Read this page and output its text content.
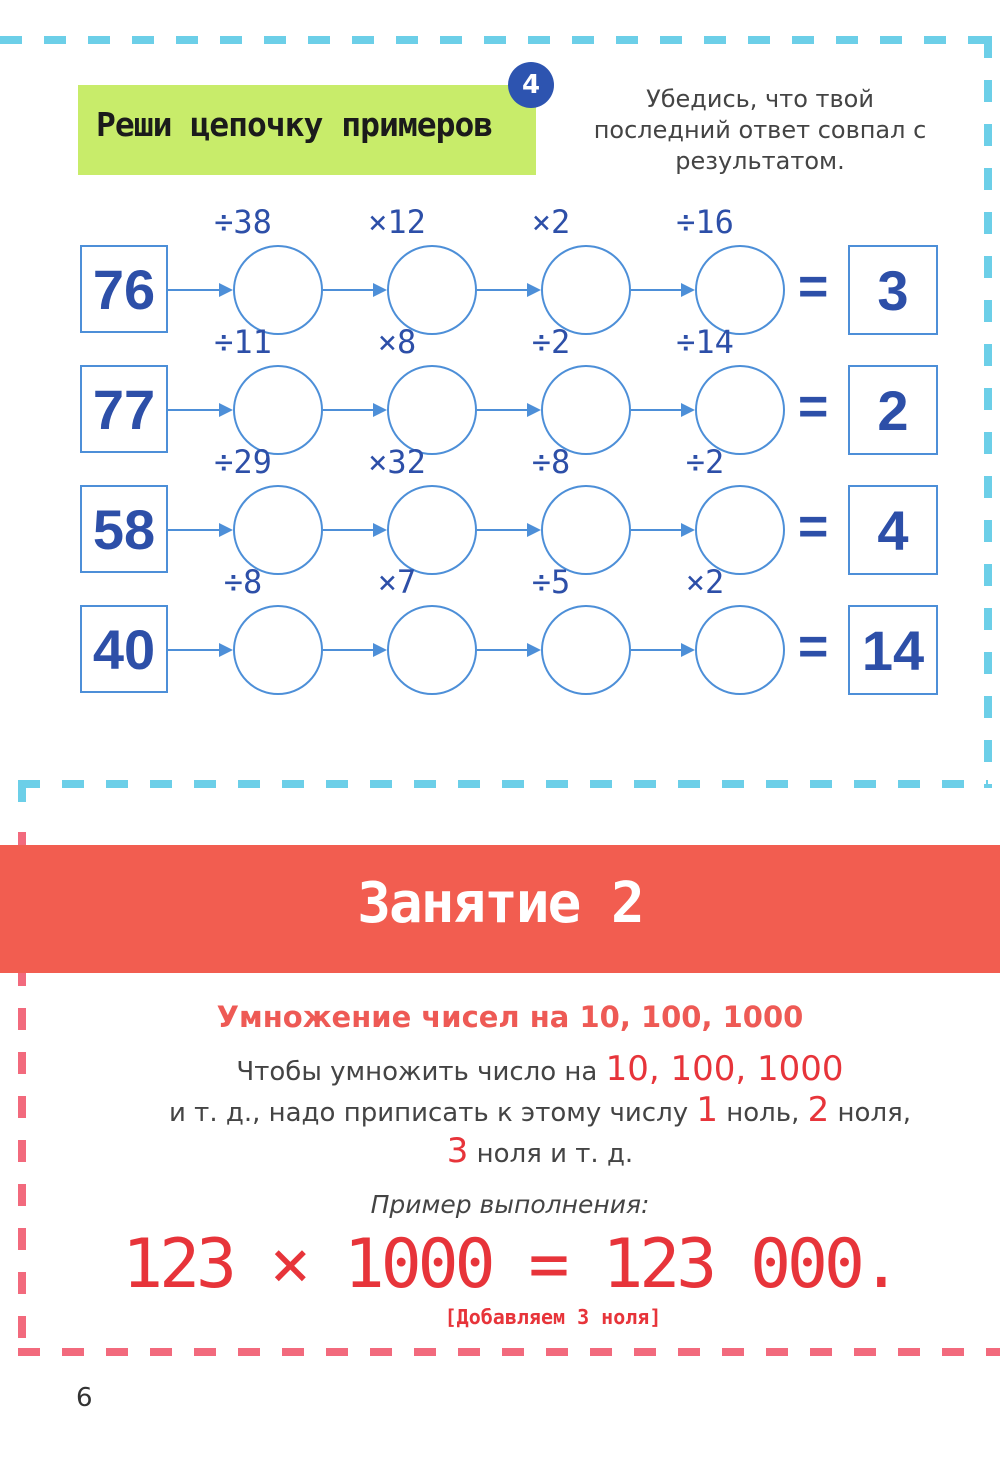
Реши цепочку примеров
4	Убедись, что твой последний ответ совпал с результатом.
76
÷38	×12	×2	÷16
= 3
77
÷11	×8	÷2	÷14
= 2
58
÷29	×32	÷8	÷2
= 4
40
÷8	×7	÷5	×2
= 14
Занятие 2
Умножение чисел на 10, 100, 1000
Чтобы умножить число на 10, 100, 1000
и т. д., надо приписать к этому числу 1 ноль, 2 ноля,
3 ноля и т. д.
Пример выполнения:
123 × 1000 = 123 000.
[Добавляем 3 ноля]
6
